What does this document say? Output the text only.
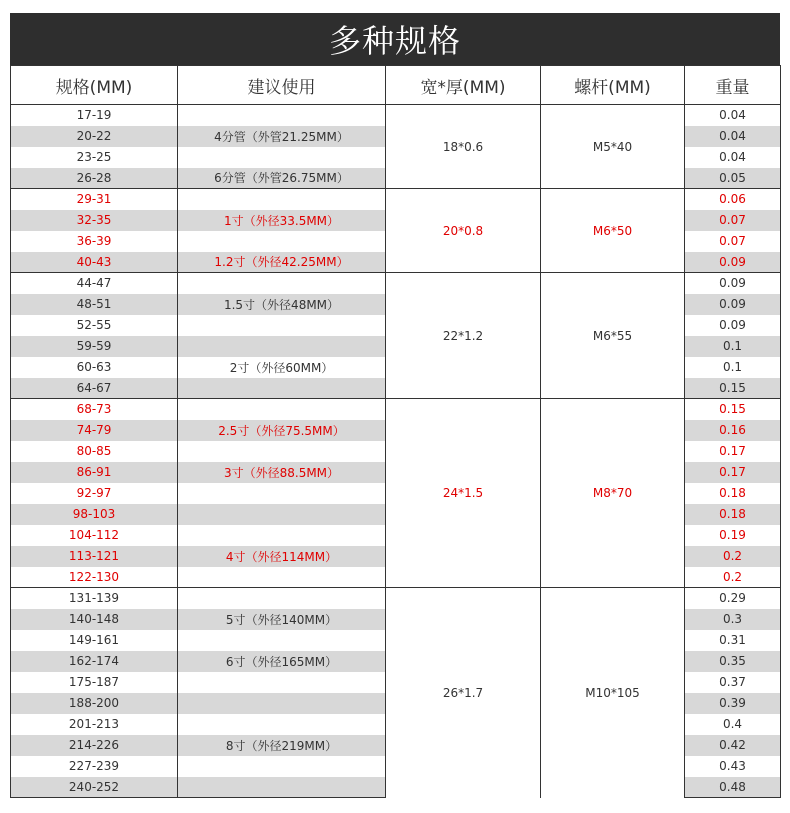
多种规格
规格(MM)	建议使用	宽*厚(MM)	螺杆(MM)	重量
17-19		18*0.6	M5*40	0.04
20-22	4分管（外管21.25MM）			0.04
23-25				0.04
26-28	6分管（外管26.75MM）			0.05
29-31		20*0.8	M6*50	0.06
32-35	1寸（外径33.5MM）			0.07
36-39				0.07
40-43	1.2寸（外径42.25MM）			0.09
44-47		22*1.2	M6*55	0.09
48-51	1.5寸（外径48MM）			0.09
52-55				0.09
59-59				0.1
60-63	2寸（外径60MM）			0.1
64-67				0.15
68-73		24*1.5	M8*70	0.15
74-79	2.5寸（外径75.5MM）			0.16
80-85				0.17
86-91	3寸（外径88.5MM）			0.17
92-97				0.18
98-103				0.18
104-112				0.19
113-121	4寸（外径114MM）			0.2
122-130				0.2
131-139		26*1.7	M10*105	0.29
140-148	5寸（外径140MM）			0.3
149-161				0.31
162-174	6寸（外径165MM）			0.35
175-187				0.37
188-200				0.39
201-213				0.4
214-226	8寸（外径219MM）			0.42
227-239				0.43
240-252				0.48
